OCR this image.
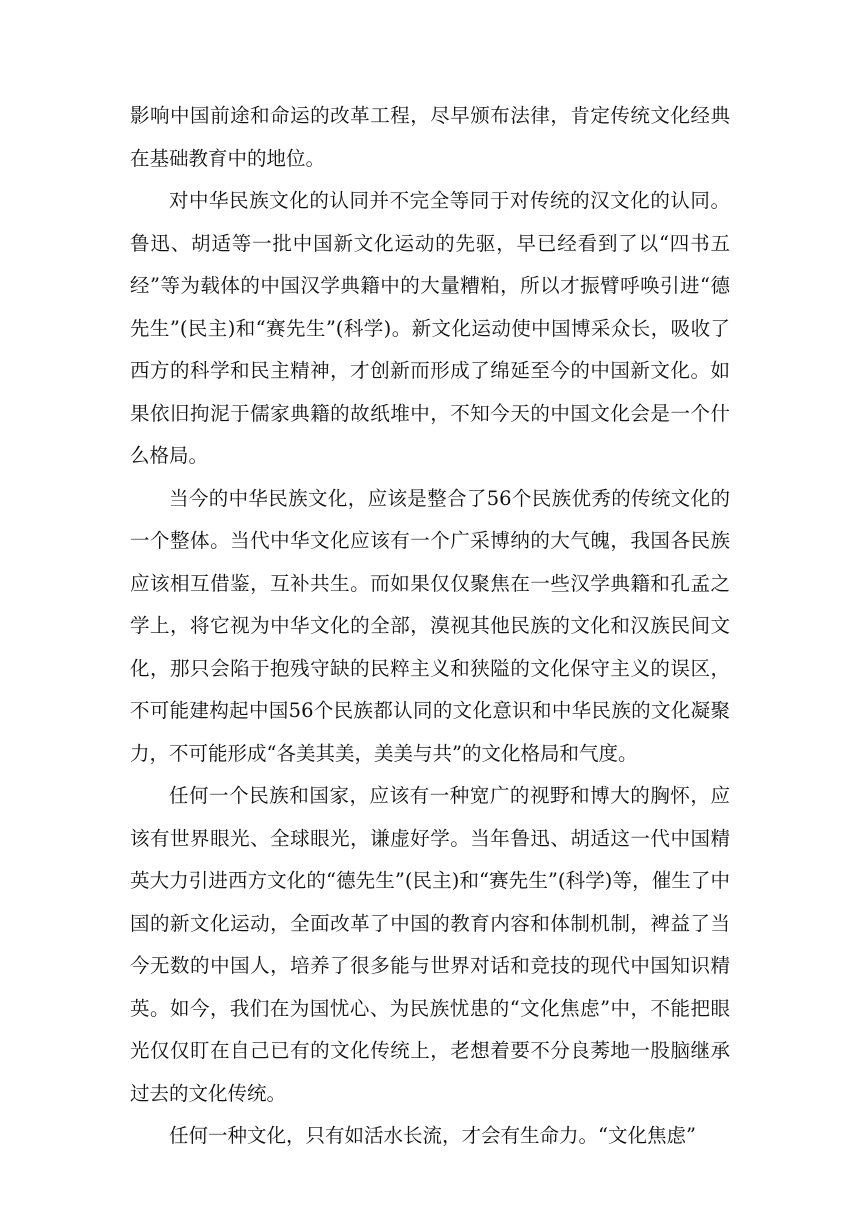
影响中国前途和命运的改革工程，尽早颁布法律，肯定传统文化经典在基础教育中的地位。

对中华民族文化的认同并不完全等同于对传统的汉文化的认同。鲁迅、胡适等一批中国新文化运动的先驱，早已经看到了以“四书五经”等为载体的中国汉学典籍中的大量糟粕，所以才振臂呼唤引进“德先生”(民主)和“赛先生”(科学)。新文化运动使中国博采众长，吸收了西方的科学和民主精神，才创新而形成了绵延至今的中国新文化。如果依旧拘泥于儒家典籍的故纸堆中，不知今天的中国文化会是一个什么格局。

当今的中华民族文化，应该是整合了56个民族优秀的传统文化的一个整体。当代中华文化应该有一个广采博纳的大气魄，我国各民族应该相互借鉴，互补共生。而如果仅仅聚焦在一些汉学典籍和孔孟之学上，将它视为中华文化的全部，漠视其他民族的文化和汉族民间文化，那只会陷于抱残守缺的民粹主义和狭隘的文化保守主义的误区，不可能建构起中国56个民族都认同的文化意识和中华民族的文化凝聚力，不可能形成“各美其美，美美与共”的文化格局和气度。

任何一个民族和国家，应该有一种宽广的视野和博大的胸怀，应该有世界眼光、全球眼光，谦虚好学。当年鲁迅、胡适这一代中国精英大力引进西方文化的“德先生”(民主)和“赛先生”(科学)等，催生了中国的新文化运动，全面改革了中国的教育内容和体制机制，裨益了当今无数的中国人，培养了很多能与世界对话和竞技的现代中国知识精英。如今，我们在为国忧心、为民族忧患的“文化焦虑”中，不能把眼光仅仅盯在自己已有的文化传统上，老想着要不分良莠地一股脑继承过去的文化传统。

任何一种文化，只有如活水长流，才会有生命力。“文化焦虑”
